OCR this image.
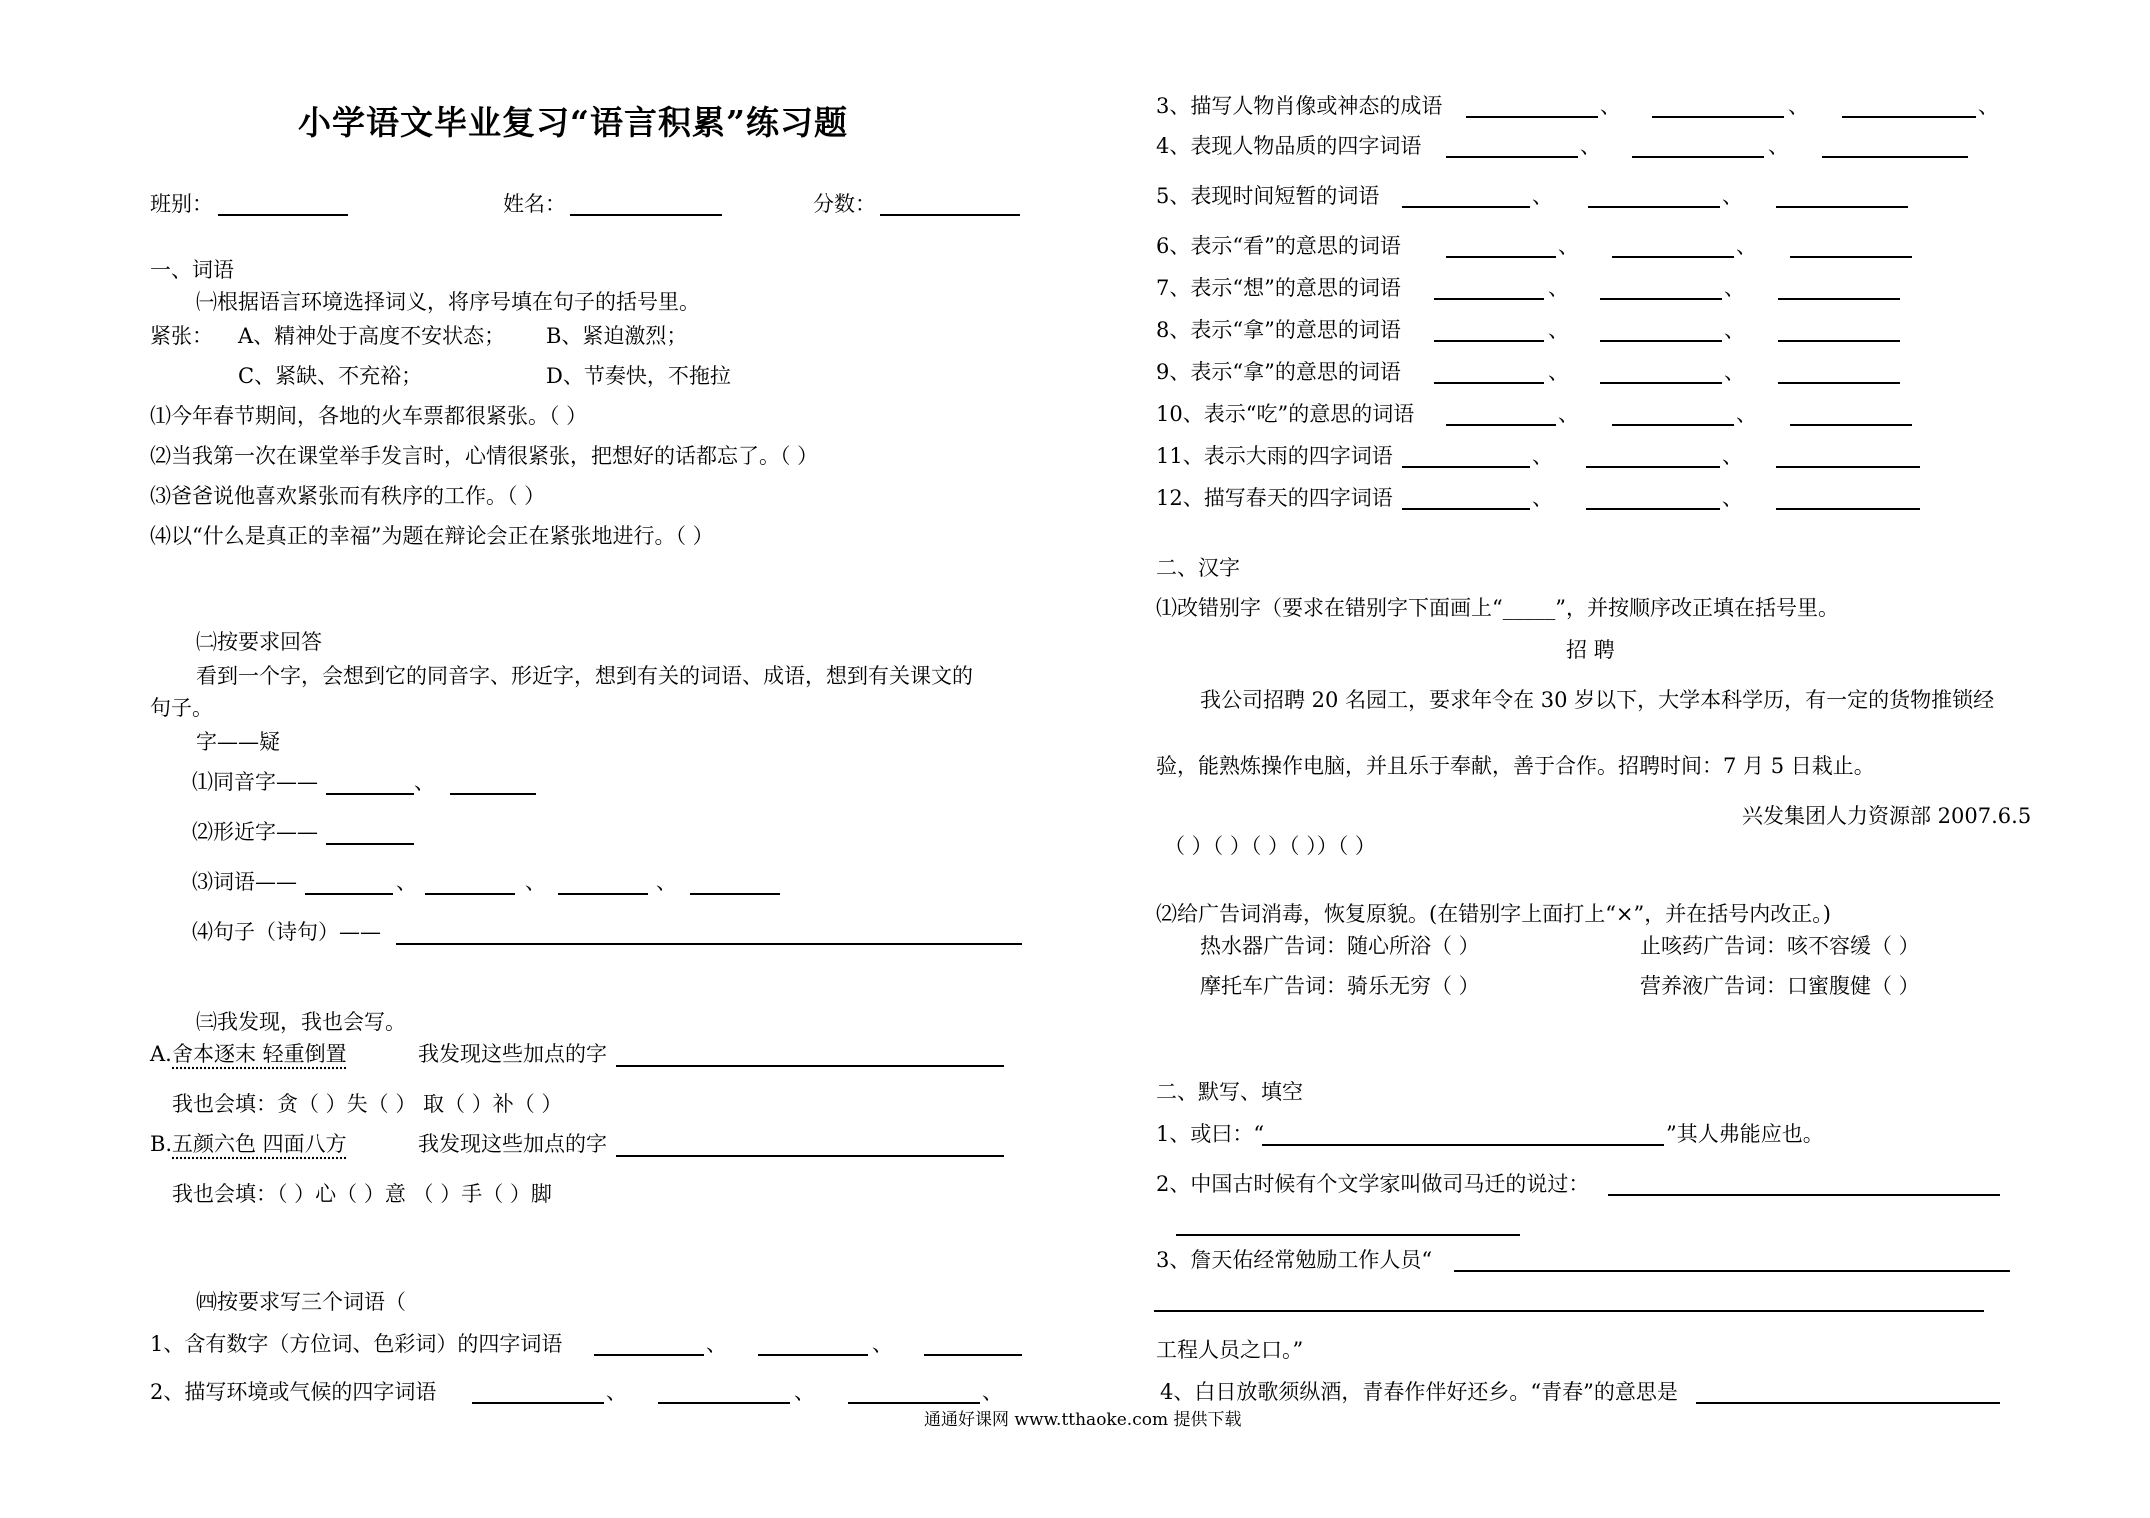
小学语文毕业复习“语言积累”练习题
班别：	姓名：	分数：
一、词语
㈠根据语言环境选择词义，将序号填在句子的括号里。
紧张： A、精神处于高度不安状态； B、紧迫激烈；
C、紧缺、不充裕；	D、节奏快，不拖拉
⑴今年春节期间，各地的火车票都很紧张。（ ）
⑵当我第一次在课堂举手发言时，心情很紧张，把想好的话都忘了。（ ）
⑶爸爸说他喜欢紧张而有秩序的工作。（ ）
⑷以“什么是真正的幸福”为题在辩论会正在紧张地进行。（ ）
㈡按要求回答
看到一个字，会想到它的同音字、形近字，想到有关的词语、成语，想到有关课文的
句子。
字——疑
⑴同音字——	、
⑵形近字——
⑶词语——	、	、	、
⑷句子（诗句）——
㈢我发现，我也会写。
A. 舍本逐末 轻重倒置	我发现这些加点的字
我也会填：贪（ ）失（ ） 取（ ）补（ ）
B. 五颜六色 四面八方	我发现这些加点的字
我也会填：（ ）心（ ）意 （ ）手（ ）脚
㈣按要求写三个词语（
1、含有数字（方位词、色彩词）的四字词语	、	、
2、描写环境或气候的四字词语	、	、	、
3、描写人物肖像或神态的成语	、	、	、
4、表现人物品质的四字词语	、	、
5、表现时间短暂的词语	、	、
6、表示“看”的意思的词语	、	、
7、表示“想”的意思的词语	、	、
8、表示“拿”的意思的词语	、	、
9、表示“拿”的意思的词语	、	、
10、表示“吃”的意思的词语	、	、
11、表示大雨的四字词语	、	、
12、描写春天的四字词语	、	、
二、汉字
⑴改错别字（要求在错别字下面画上“_____”，并按顺序改正填在括号里。
招 聘
我公司招聘 20 名园工，要求年令在 30 岁以下，大学本科学历，有一定的货物推锁经
验，能熟炼操作电脑，并且乐于奉献，善于合作。招聘时间：7 月 5 日栽止。
兴发集团人力资源部 2007.6.5
（ ）（ ）（ ）（ ））（ ）
⑵给广告词消毒，恢复原貌。(在错别字上面打上“×”，并在括号内改正。)
热水器广告词：随心所浴（ ）	止咳药广告词：咳不容缓（ ）
摩托车广告词：骑乐无穷（ ）	营养液广告词：口蜜腹健（ ）
二、默写、填空
1、或曰：“	”其人弗能应也。
2、中国古时候有个文学家叫做司马迁的说过：
3、詹天佑经常勉励工作人员“
工程人员之口。”
4、白日放歌须纵酒，青春作伴好还乡。“青春”的意思是
通通好课网 www.tthaoke.com 提供下载
